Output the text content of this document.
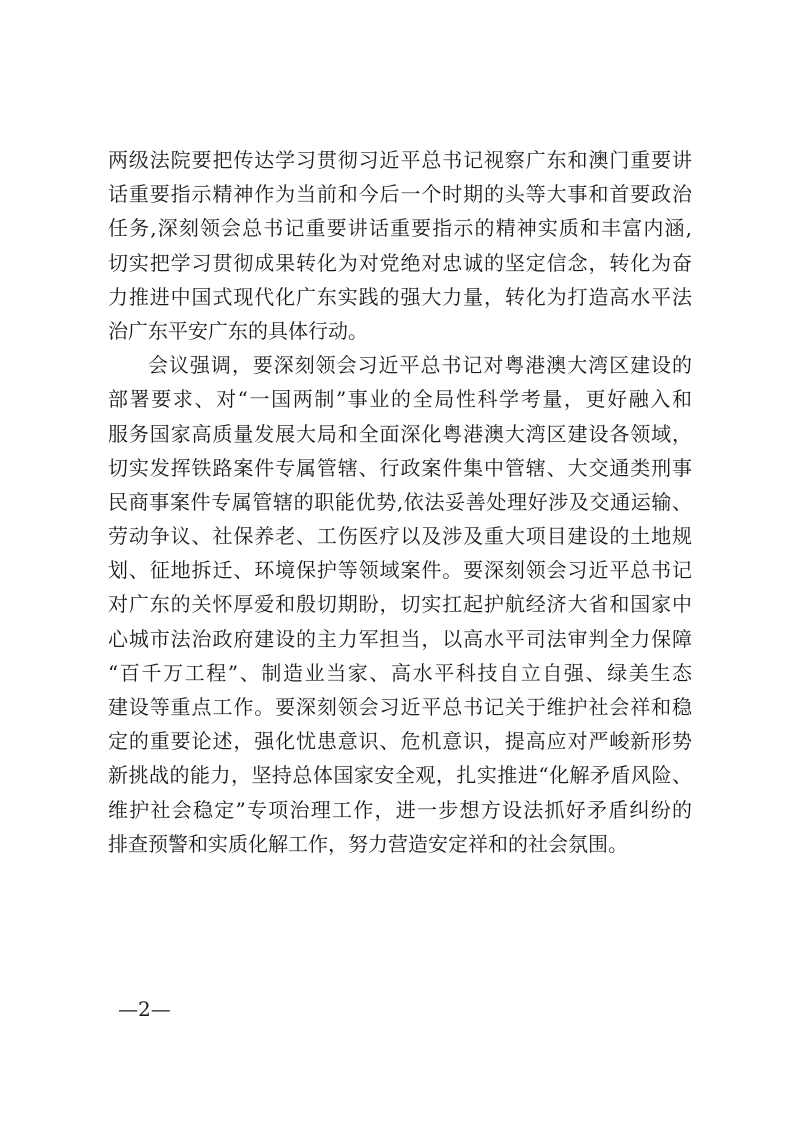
两级法院要把传达学习贯彻习近平总书记视察广东和澳门重要讲
话重要指示精神作为当前和今后一个时期的头等大事和首要政治
任务,深刻领会总书记重要讲话重要指示的精神实质和丰富内涵,
切实把学习贯彻成果转化为对党绝对忠诚的坚定信念，转化为奋
力推进中国式现代化广东实践的强大力量，转化为打造高水平法
治广东平安广东的具体行动。
会议强调，要深刻领会习近平总书记对粤港澳大湾区建设的
部署要求、对“一国两制”事业的全局性科学考量，更好融入和
服务国家高质量发展大局和全面深化粤港澳大湾区建设各领域，
切实发挥铁路案件专属管辖、行政案件集中管辖、大交通类刑事
民商事案件专属管辖的职能优势,依法妥善处理好涉及交通运输、
劳动争议、社保养老、工伤医疗以及涉及重大项目建设的土地规
划、征地拆迁、环境保护等领域案件。要深刻领会习近平总书记
对广东的关怀厚爱和殷切期盼，切实扛起护航经济大省和国家中
心城市法治政府建设的主力军担当，以高水平司法审判全力保障
“百千万工程”、制造业当家、高水平科技自立自强、绿美生态
建设等重点工作。要深刻领会习近平总书记关于维护社会祥和稳
定的重要论述，强化忧患意识、危机意识，提高应对严峻新形势
新挑战的能力，坚持总体国家安全观，扎实推进“化解矛盾风险、
维护社会稳定”专项治理工作，进一步想方设法抓好矛盾纠纷的
排查预警和实质化解工作，努力营造安定祥和的社会氛围。
—2—
